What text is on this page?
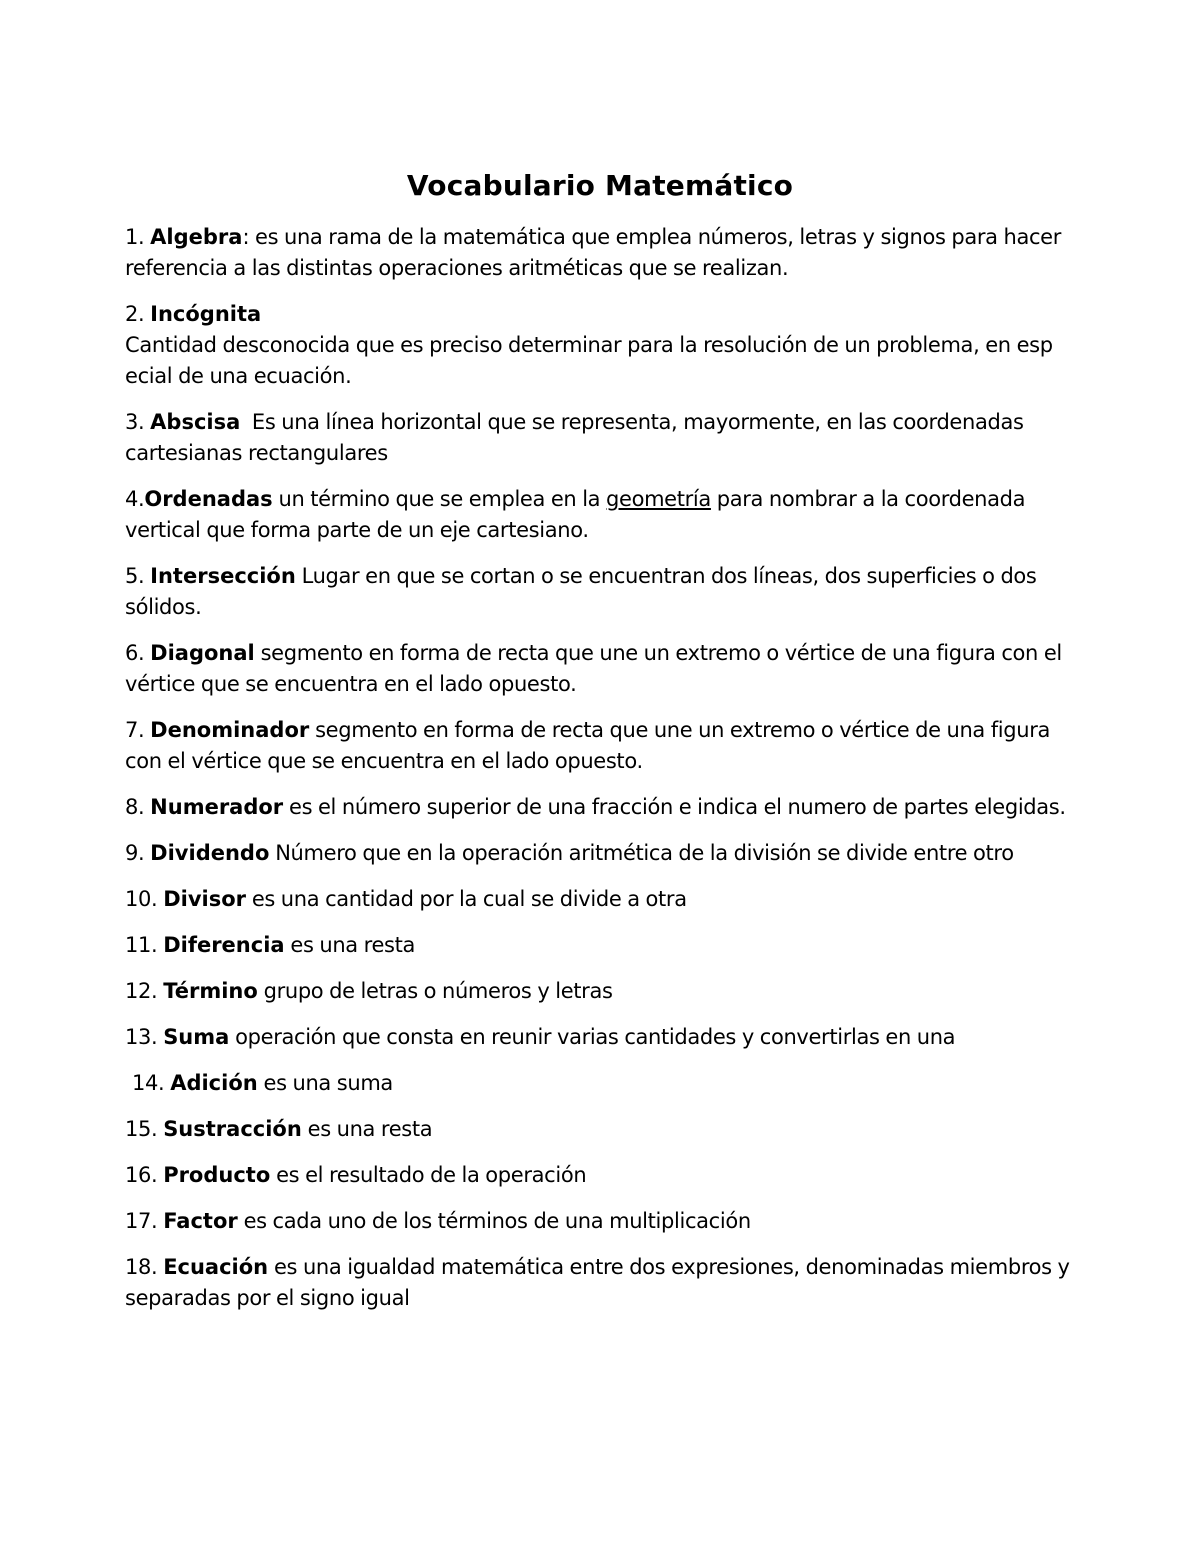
Vocabulario Matemático

1. Algebra: es una rama de la matemática que emplea números, letras y signos para hacer referencia a las distintas operaciones aritméticas que se realizan.

2. Incógnita
Cantidad desconocida que es preciso determinar para la resolución de un problema, en esp ecial de una ecuación.

3. Abscisa  Es una línea horizontal que se representa, mayormente, en las coordenadas cartesianas rectangulares

4.Ordenadas un término que se emplea en la geometría para nombrar a la coordenada vertical que forma parte de un eje cartesiano.

5. Intersección Lugar en que se cortan o se encuentran dos líneas, dos superficies o dos sólidos.

6. Diagonal segmento en forma de recta que une un extremo o vértice de una figura con el vértice que se encuentra en el lado opuesto.

7. Denominador segmento en forma de recta que une un extremo o vértice de una figura con el vértice que se encuentra en el lado opuesto.

8. Numerador es el número superior de una fracción e indica el numero de partes elegidas.

9. Dividendo Número que en la operación aritmética de la división se divide entre otro

10. Divisor es una cantidad por la cual se divide a otra

11. Diferencia es una resta

12. Término grupo de letras o números y letras

13. Suma operación que consta en reunir varias cantidades y convertirlas en una

14. Adición es una suma

15. Sustracción es una resta

16. Producto es el resultado de la operación

17. Factor es cada uno de los términos de una multiplicación

18. Ecuación es una igualdad matemática entre dos expresiones, denominadas miembros y separadas por el signo igual
